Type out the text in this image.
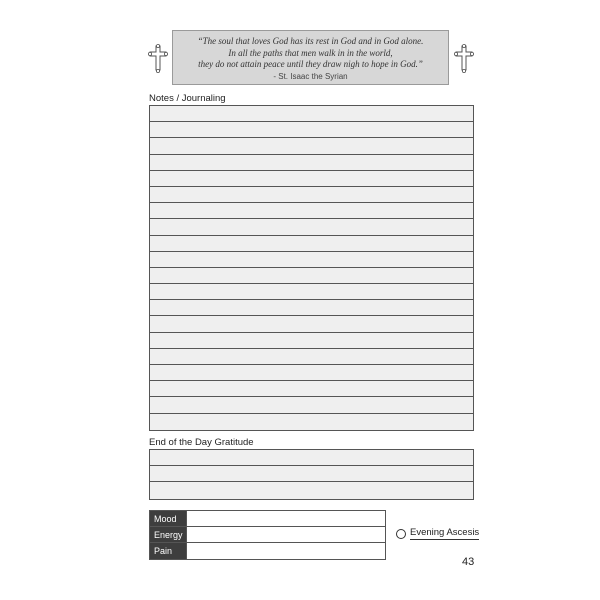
“The soul that loves God has its rest in God and in God alone.
In all the paths that men walk in in the world,
they do not attain peace until they draw nigh to hope in God.”
- St. Isaac the Syrian
Notes / Journaling
End of the Day Gratitude
Mood
Energy
Pain
Evening Ascesis
43
